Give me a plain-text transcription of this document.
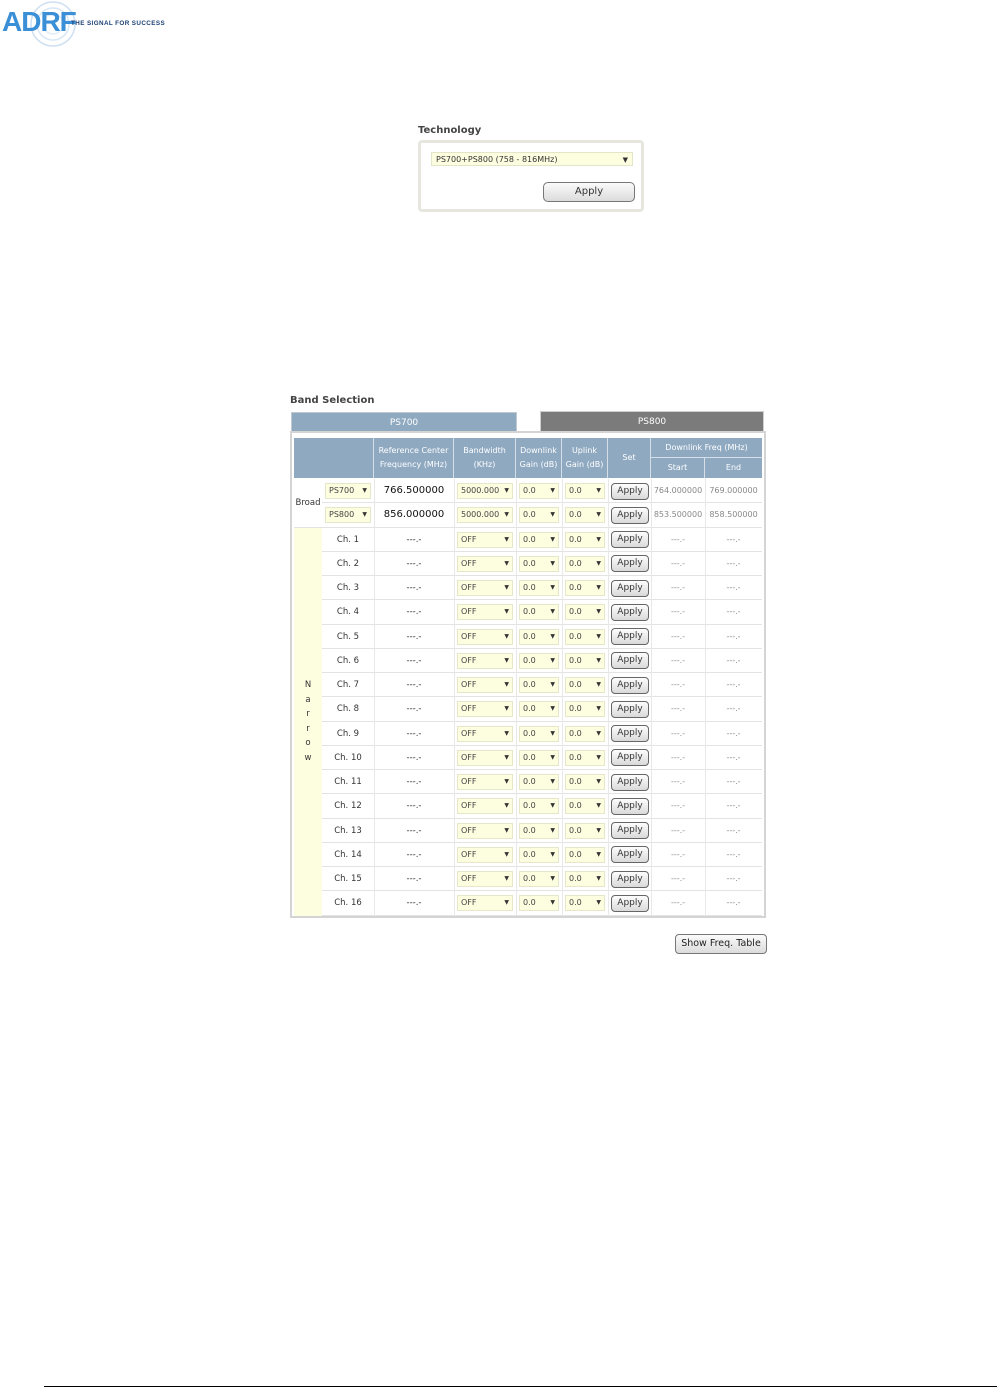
ADRF
THE SIGNAL FOR SUCCESS
Technology
PS700+PS800 (758 - 816MHz)	▼
Apply
Band Selection
PS700	PS800
Reference Center Frequency (MHz)
Bandwidth (KHz)
Downlink Gain (dB)
Uplink Gain (dB)
Set
Downlink Freq (MHz)
Start	End
Broad
N
a
r
r
o
w
PS700 ▼	766.500000	5000.000 ▼	0.0 ▼	0.0 ▼	Apply	764.000000 769.000000
PS800 ▼	856.000000	5000.000 ▼	0.0 ▼	0.0 ▼	Apply	853.500000 858.500000
Ch. 1	---.-	OFF	▼	0.0 ▼	0.0 ▼	Apply	---.-	---.-
Ch. 2	---.-	OFF	▼	0.0 ▼	0.0 ▼	Apply	---.-	---.-
Ch. 3	---.-	OFF	▼	0.0 ▼	0.0 ▼	Apply	---.-	---.-
Ch. 4	---.-	OFF	▼	0.0 ▼	0.0 ▼	Apply	---.-	---.-
Ch. 5	---.-	OFF	▼	0.0 ▼	0.0 ▼	Apply	---.-	---.-
Ch. 6	---.-	OFF	▼	0.0 ▼	0.0 ▼	Apply	---.-	---.-
Ch. 7	---.-	OFF	▼	0.0 ▼	0.0 ▼	Apply	---.-	---.-
Ch. 8	---.-	OFF	▼	0.0 ▼	0.0 ▼	Apply	---.-	---.-
Ch. 9	---.-	OFF	▼	0.0 ▼	0.0 ▼	Apply	---.-	---.-
Ch. 10	---.-	OFF	▼	0.0 ▼	0.0 ▼	Apply	---.-	---.-
Ch. 11	---.-	OFF	▼	0.0 ▼	0.0 ▼	Apply	---.-	---.-
Ch. 12	---.-	OFF	▼	0.0 ▼	0.0 ▼	Apply	---.-	---.-
Ch. 13	---.-	OFF	▼	0.0 ▼	0.0 ▼	Apply	---.-	---.-
Ch. 14	---.-	OFF	▼	0.0 ▼	0.0 ▼	Apply	---.-	---.-
Ch. 15	---.-	OFF	▼	0.0 ▼	0.0 ▼	Apply	---.-	---.-
Ch. 16	---.-	OFF	▼	0.0 ▼	0.0 ▼	Apply	---.-	---.-
Show Freq. Table
